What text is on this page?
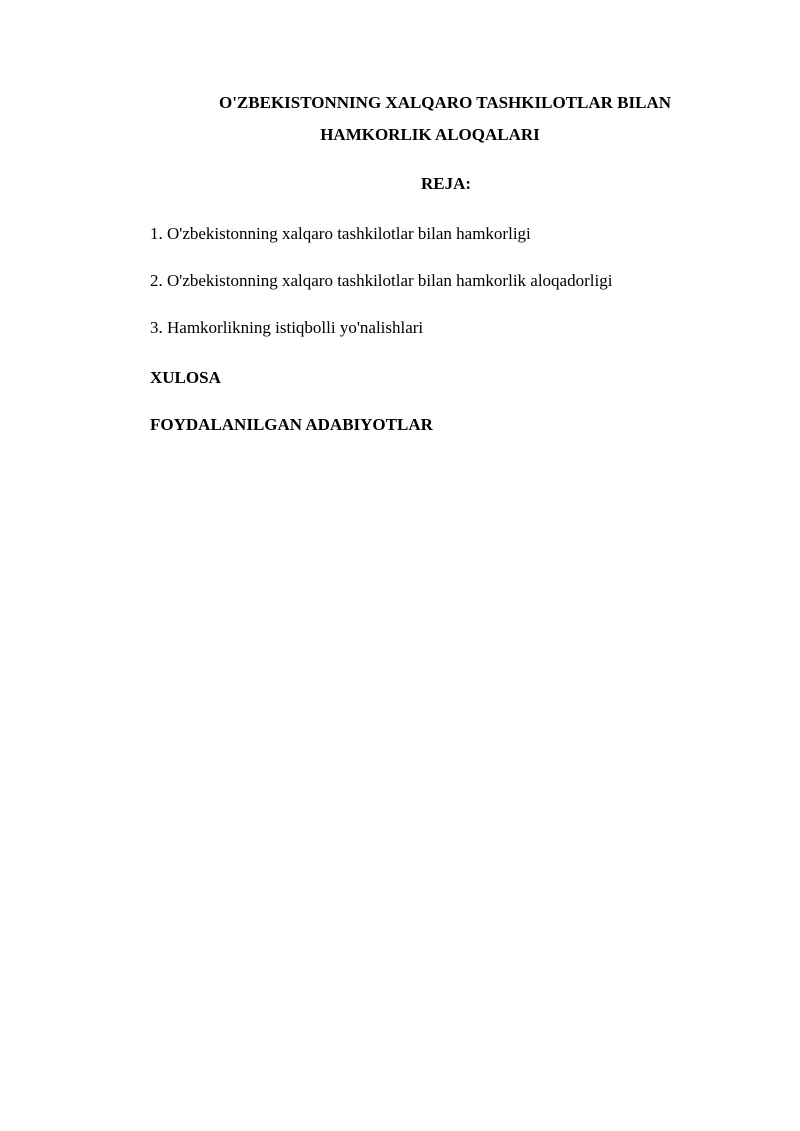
O'ZBEKISTONNING XALQARO TASHKILOTLAR BILAN
HAMKORLIK ALOQALARI
REJA:
1. O'zbekistonning xalqaro tashkilotlar bilan hamkorligi
2. O'zbekistonning xalqaro tashkilotlar bilan hamkorlik aloqadorligi
3. Hamkorlikning istiqbolli yo'nalishlari
XULOSA
FOYDALANILGAN ADABIYOTLAR
